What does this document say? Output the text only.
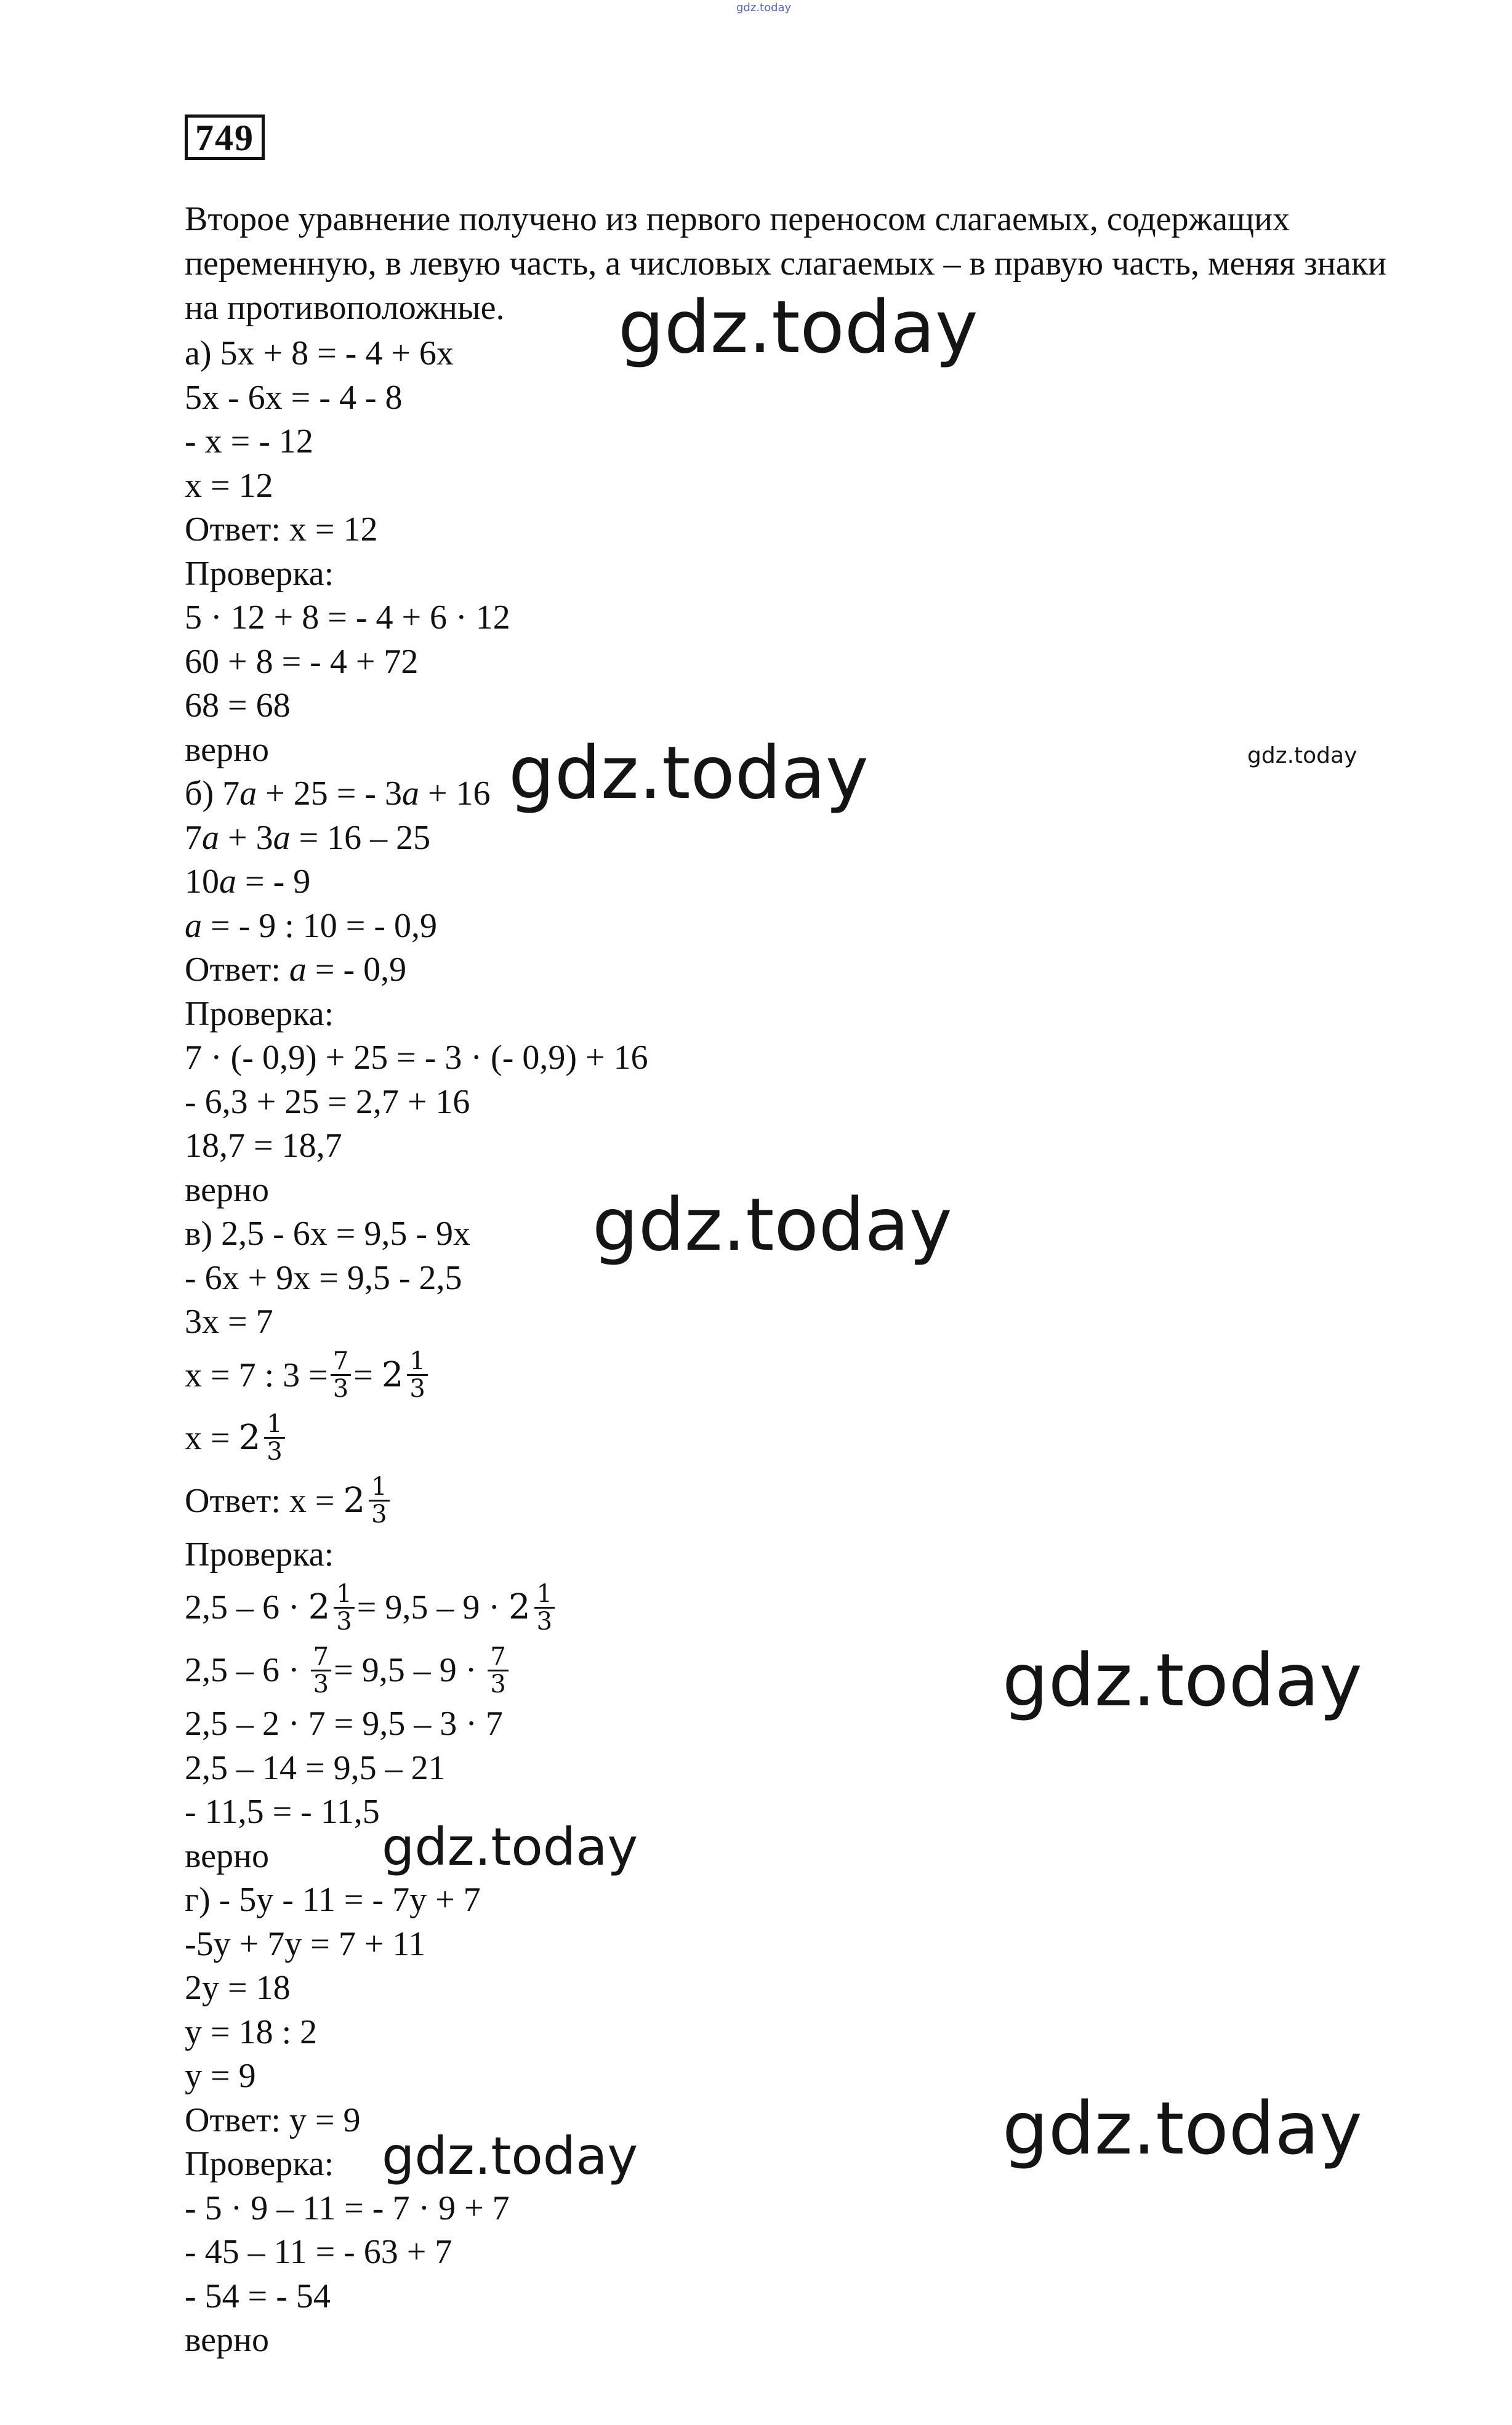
gdz.today
749

Второе уравнение получено из первого переносом слагаемых, содержащих переменную, в левую часть, а числовых слагаемых – в правую часть, меняя знаки на противоположные.

а) 5х + 8 = - 4 + 6х
5х - 6х = - 4 - 8
- х = - 12
х = 12
Ответ: х = 12
Проверка:
5 · 12 + 8 = - 4 + 6 · 12
60 + 8 = - 4 + 72
68 = 68
верно
б) 7а + 25 = - 3а + 16
7а + 3а = 16 – 25
10а = - 9
а = - 9 : 10 = - 0,9
Ответ: а = - 0,9
Проверка:
7 · (- 0,9) + 25 = - 3 · (- 0,9) + 16
- 6,3 + 25 = 2,7 + 16
18,7 = 18,7
верно
в) 2,5 - 6х = 9,5 - 9х
- 6х + 9х = 9,5 - 2,5
3х = 7
х = 7 : $3 = \frac{7}{3}$ =
$2 \frac{1}{3}$
х =
$2 \frac{1}{3}$
Ответ: х =
$2 \frac{1}{3}$
Проверка:
2,5 – 6 ·
$2 \frac{1}{3} = 9,5 - 9$ ·
$2 \frac{1}{3}$
2,5 – 6 ·
$\frac{7}{3} = 9,5 - 9$ ·
$\frac{7}{3}$
2,5 – 2 · 7 = 9,5 – 3 · 7
2,5 – 14 = 9,5 – 21
- 11,5 = - 11,5
верно
г) - 5у - 11 = - 7у + 7
-5у + 7у = 7 + 11
2у = 18
у = 18 : 2
у = 9
Ответ: у = 9
Проверка:
- 5 · 9 – 11 = - 7 · 9 + 7
- 45 – 11 = - 63 + 7
- 54 = - 54
верно
gdz.today
gdz.today	gdz.today
gdz.today
gdz.today
gdz.today
gdz.today
gdz.today
